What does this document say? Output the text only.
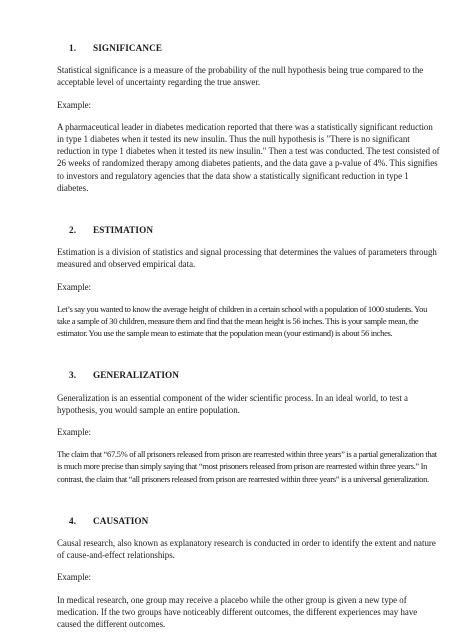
1.	SIGNIFICANCE

Statistical significance is a measure of the probability of the null hypothesis being true compared to the acceptable level of uncertainty regarding the true answer.

Example:

A pharmaceutical leader in diabetes medication reported that there was a statistically significant reduction in type 1 diabetes when it tested its new insulin. Thus the null hypothesis is "There is no significant reduction in type 1 diabetes when it tested its new insulin." Then a test was conducted. The test consisted of 26 weeks of randomized therapy among diabetes patients, and the data gave a p-value of 4%. This signifies to investors and regulatory agencies that the data show a statistically significant reduction in type 1 diabetes.

2.	ESTIMATION

Estimation is a division of statistics and signal processing that determines the values of parameters through measured and observed empirical data.

Example:

Let’s say you wanted to know the average height of children in a certain school with a population of 1000 students. You take a sample of 30 children, measure them and find that the mean height is 56 inches. This is your sample mean, the estimator. You use the sample mean to estimate that the population mean (your estimand) is about 56 inches.

3.	GENERALIZATION

Generalization is an essential component of the wider scientific process. In an ideal world, to test a hypothesis, you would sample an entire population.

Example:

The claim that “67.5% of all prisoners released from prison are rearrested within three years” is a partial generalization that is much more precise than simply saying that “most prisoners released from prison are rearrested within three years.” In contrast, the claim that “all prisoners released from prison are rearrested within three years” is a universal generalization.

4.	CAUSATION

Causal research, also known as explanatory research is conducted in order to identify the extent and nature of cause-and-effect relationships.

Example:

In medical research, one group may receive a placebo while the other group is given a new type of medication. If the two groups have noticeably different outcomes, the different experiences may have caused the different outcomes.
